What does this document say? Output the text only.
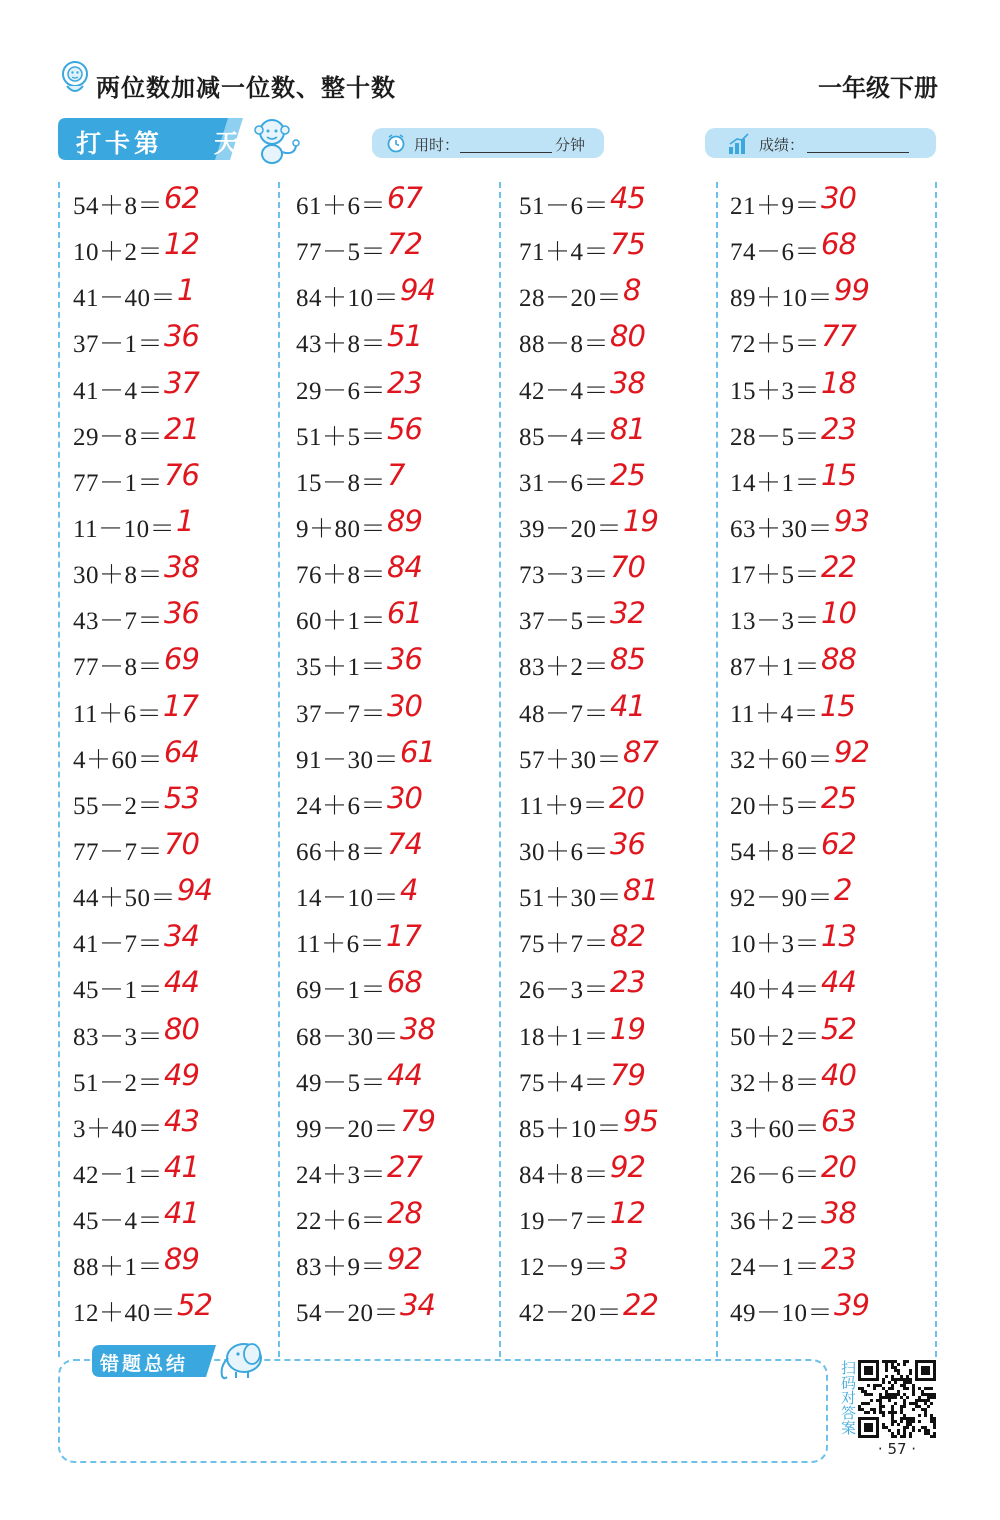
两位数加减一位数、整十数	一年级下册
打卡第    天	用时：	分钟	成绩：
54＋8＝ 62
10＋2＝ 12
41－40＝ 1
37－1＝ 36
41－4＝ 37
29－8＝ 21
77－1＝ 76
11－10＝ 1
30＋8＝ 38
43－7＝ 36
77－8＝ 69
11＋6＝ 17
4＋60＝ 64
55－2＝ 53
77－7＝ 70
44＋50＝ 94
41－7＝ 34
45－1＝ 44
83－3＝ 80
51－2＝ 49
3＋40＝ 43
42－1＝ 41
45－4＝ 41
88＋1＝ 89
12＋40＝ 52
61＋6＝ 67
77－5＝ 72
84＋10＝ 94
43＋8＝ 51
29－6＝ 23
51＋5＝ 56
15－8＝ 7
9＋80＝ 89
76＋8＝ 84
60＋1＝ 61
35＋1＝ 36
37－7＝ 30
91－30＝ 61
24＋6＝ 30
66＋8＝ 74
14－10＝ 4
11＋6＝ 17
69－1＝ 68
68－30＝ 38
49－5＝ 44
99－20＝ 79
24＋3＝ 27
22＋6＝ 28
83＋9＝ 92
54－20＝ 34
51－6＝ 45
71＋4＝ 75
28－20＝ 8
88－8＝ 80
42－4＝ 38
85－4＝ 81
31－6＝ 25
39－20＝ 19
73－3＝ 70
37－5＝ 32
83＋2＝ 85
48－7＝ 41
57＋30＝ 87
11＋9＝ 20
30＋6＝ 36
51＋30＝ 81
75＋7＝ 82
26－3＝ 23
18＋1＝ 19
75＋4＝ 79
85＋10＝ 95
84＋8＝ 92
19－7＝ 12
12－9＝ 3
42－20＝ 22
21＋9＝ 30
74－6＝ 68
89＋10＝ 99
72＋5＝ 77
15＋3＝ 18
28－5＝ 23
14＋1＝ 15
63＋30＝ 93
17＋5＝ 22
13－3＝ 10
87＋1＝ 88
11＋4＝ 15
32＋60＝ 92
20＋5＝ 25
54＋8＝ 62
92－90＝ 2
10＋3＝ 13
40＋4＝ 44
50＋2＝ 52
32＋8＝ 40
3＋60＝ 63
26－6＝ 20
36＋2＝ 38
24－1＝ 23
49－10＝ 39
错题总结	扫码对答案
· 57 ·
